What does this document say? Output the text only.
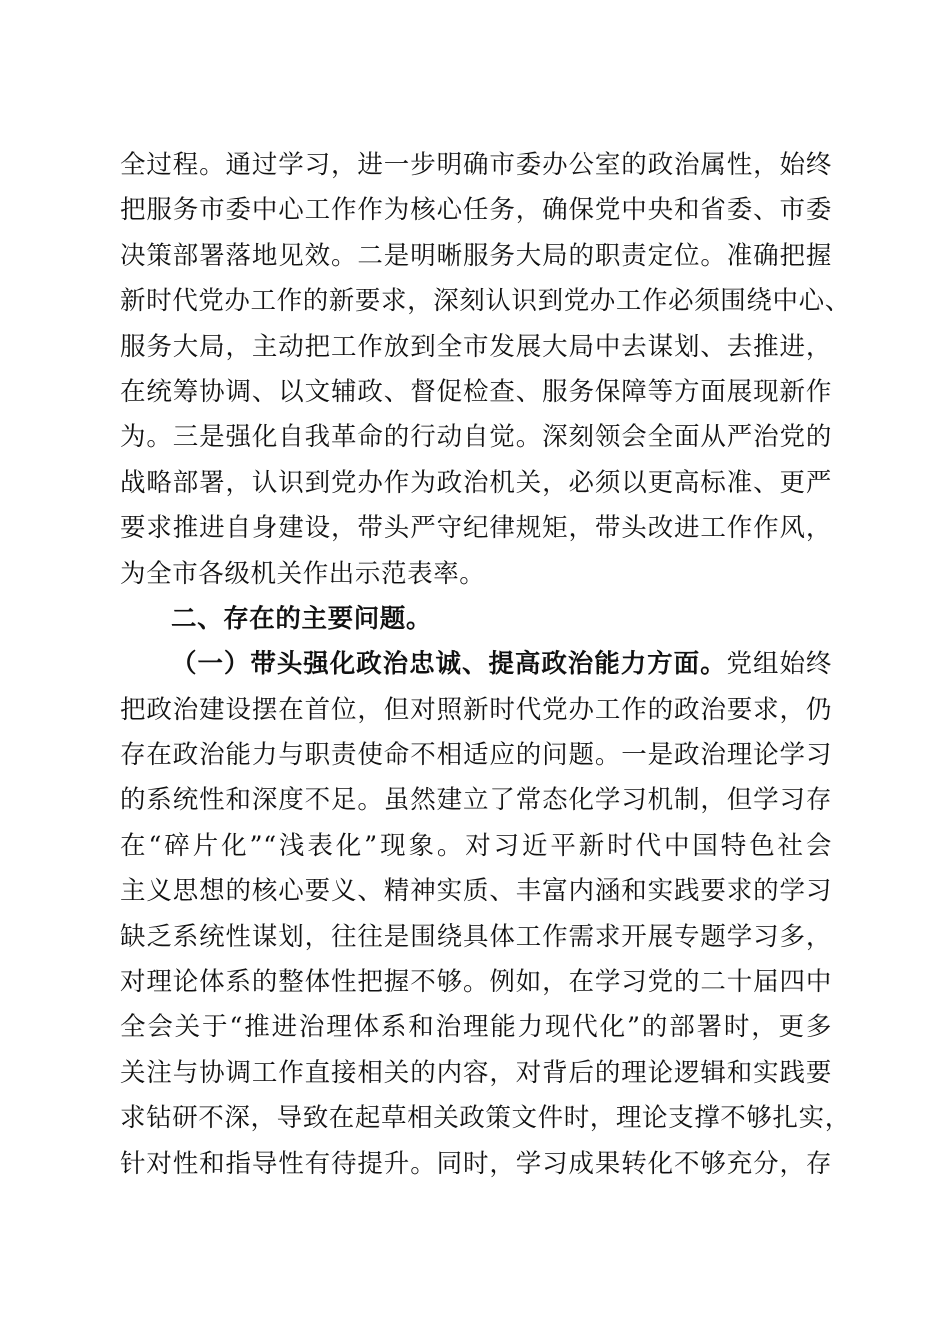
全过程。通过学习，进一步明确市委办公室的政治属性，始终
把服务市委中心工作作为核心任务，确保党中央和省委、市委
决策部署落地见效。二是明晰服务大局的职责定位。准确把握
新时代党办工作的新要求，深刻认识到党办工作必须围绕中心、
服务大局，主动把工作放到全市发展大局中去谋划、去推进，
在统筹协调、以文辅政、督促检查、服务保障等方面展现新作
为。三是强化自我革命的行动自觉。深刻领会全面从严治党的
战略部署，认识到党办作为政治机关，必须以更高标准、更严
要求推进自身建设，带头严守纪律规矩，带头改进工作作风，
为全市各级机关作出示范表率。
二、存在的主要问题。
（一）带头强化政治忠诚、提高政治能力方面。党组始终
把政治建设摆在首位，但对照新时代党办工作的政治要求，仍
存在政治能力与职责使命不相适应的问题。一是政治理论学习
的系统性和深度不足。虽然建立了常态化学习机制，但学习存
在“碎片化”“浅表化”现象。对习近平新时代中国特色社会
主义思想的核心要义、精神实质、丰富内涵和实践要求的学习
缺乏系统性谋划，往往是围绕具体工作需求开展专题学习多，
对理论体系的整体性把握不够。例如，在学习党的二十届四中
全会关于“推进治理体系和治理能力现代化”的部署时，更多
关注与协调工作直接相关的内容，对背后的理论逻辑和实践要
求钻研不深，导致在起草相关政策文件时，理论支撑不够扎实，
针对性和指导性有待提升。同时，学习成果转化不够充分，存
